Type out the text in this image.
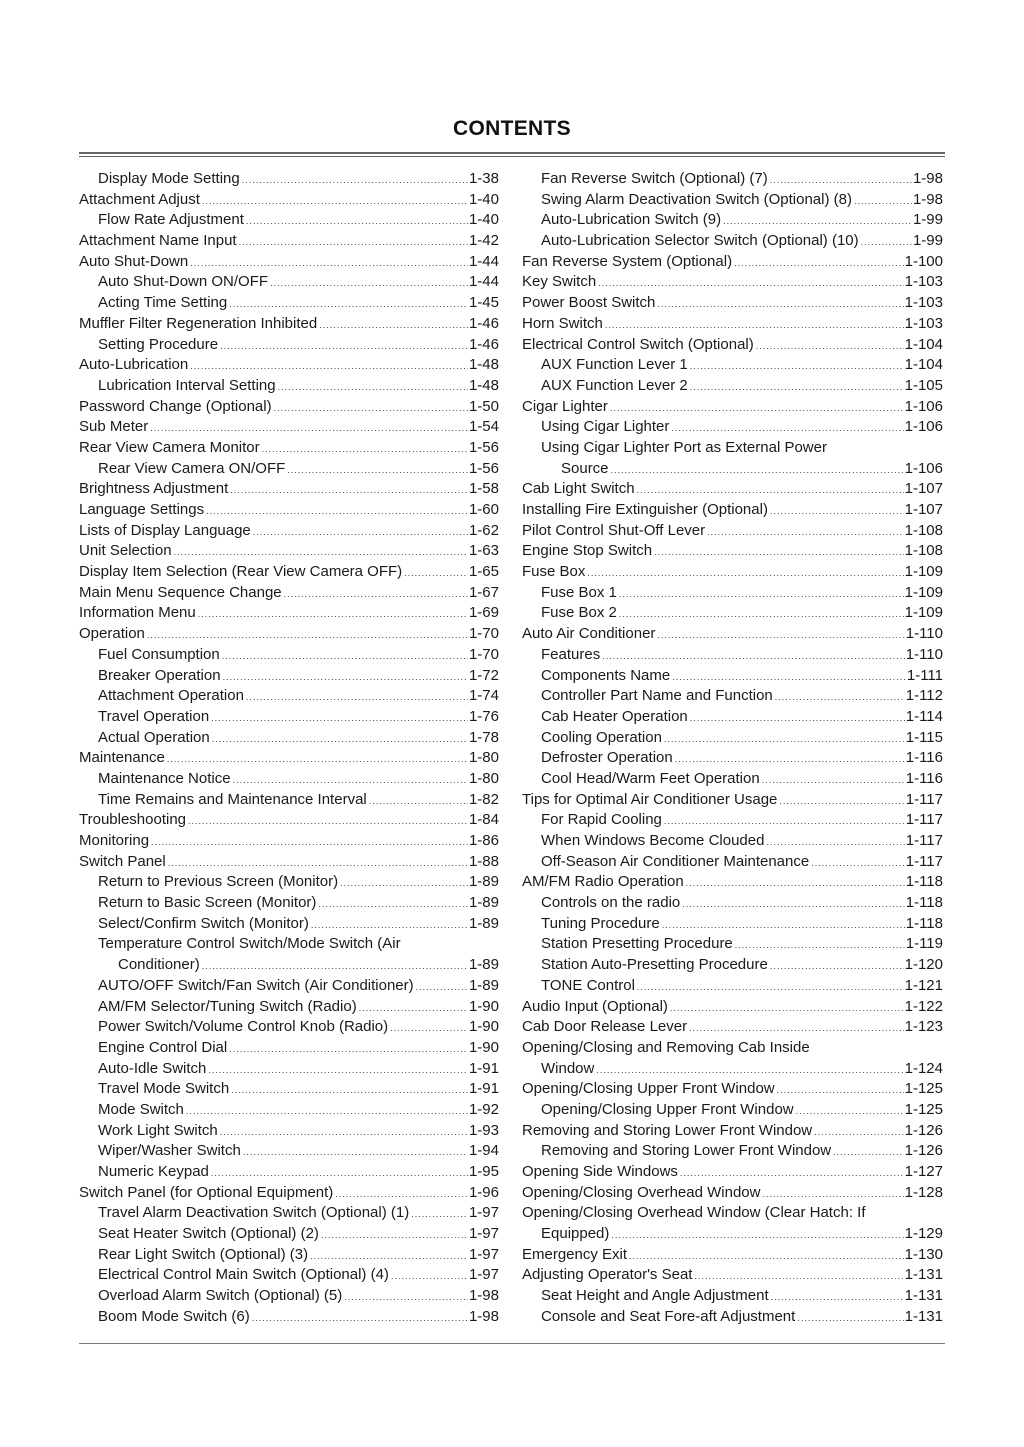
CONTENTS
Display Mode Setting .....	1-38
Attachment Adjust .....	1-40
Flow Rate Adjustment .....	1-40
Attachment Name Input .....	1-42
Auto Shut-Down .....	1-44
Auto Shut-Down ON/OFF .....	1-44
Acting Time Setting .....	1-45
Muffler Filter Regeneration Inhibited .....	1-46
Setting Procedure .....	1-46
Auto-Lubrication .....	1-48
Lubrication Interval Setting .....	1-48
Password Change (Optional) .....	1-50
Sub Meter .....	1-54
Rear View Camera Monitor .....	1-56
Rear View Camera ON/OFF .....	1-56
Brightness Adjustment .....	1-58
Language Settings .....	1-60
Lists of Display Language .....	1-62
Unit Selection .....	1-63
Display Item Selection (Rear View Camera OFF) .....	1-65
Main Menu Sequence Change .....	1-67
Information Menu .....	1-69
Operation .....	1-70
Fuel Consumption .....	1-70
Breaker Operation .....	1-72
Attachment Operation .....	1-74
Travel Operation .....	1-76
Actual Operation .....	1-78
Maintenance .....	1-80
Maintenance Notice .....	1-80
Time Remains and Maintenance Interval .....	1-82
Troubleshooting .....	1-84
Monitoring .....	1-86
Switch Panel .....	1-88
Return to Previous Screen (Monitor) .....	1-89
Return to Basic Screen (Monitor) .....	1-89
Select/Confirm Switch (Monitor) .....	1-89
Temperature Control Switch/Mode Switch (Air
Conditioner) .....	1-89
AUTO/OFF Switch/Fan Switch (Air Conditioner) .....	1-89
AM/FM Selector/Tuning Switch (Radio) .....	1-90
Power Switch/Volume Control Knob (Radio) .....	1-90
Engine Control Dial .....	1-90
Auto-Idle Switch .....	1-91
Travel Mode Switch .....	1-91
Mode Switch .....	1-92
Work Light Switch .....	1-93
Wiper/Washer Switch .....	1-94
Numeric Keypad .....	1-95
Switch Panel (for Optional Equipment) .....	1-96
Travel Alarm Deactivation Switch (Optional) (1) .....	1-97
Seat Heater Switch (Optional) (2) .....	1-97
Rear Light Switch (Optional) (3) .....	1-97
Electrical Control Main Switch (Optional) (4) .....	1-97
Overload Alarm Switch (Optional) (5) .....	1-98
Boom Mode Switch (6) .....	1-98
Fan Reverse Switch (Optional) (7) .....	1-98
Swing Alarm Deactivation Switch (Optional) (8) .....	1-98
Auto-Lubrication Switch (9) .....	1-99
Auto-Lubrication Selector Switch (Optional) (10) .....	1-99
Fan Reverse System (Optional) .....	1-100
Key Switch .....	1-103
Power Boost Switch .....	1-103
Horn Switch .....	1-103
Electrical Control Switch (Optional) .....	1-104
AUX Function Lever 1 .....	1-104
AUX Function Lever 2 .....	1-105
Cigar Lighter .....	1-106
Using Cigar Lighter .....	1-106
Using Cigar Lighter Port as External Power
Source .....	1-106
Cab Light Switch .....	1-107
Installing Fire Extinguisher (Optional) .....	1-107
Pilot Control Shut-Off Lever .....	1-108
Engine Stop Switch .....	1-108
Fuse Box .....	1-109
Fuse Box 1 .....	1-109
Fuse Box 2 .....	1-109
Auto Air Conditioner .....	1-110
Features .....	1-110
Components Name .....	1-111
Controller Part Name and Function .....	1-112
Cab Heater Operation .....	1-114
Cooling Operation .....	1-115
Defroster Operation .....	1-116
Cool Head/Warm Feet Operation .....	1-116
Tips for Optimal Air Conditioner Usage .....	1-117
For Rapid Cooling .....	1-117
When Windows Become Clouded .....	1-117
Off-Season Air Conditioner Maintenance .....	1-117
AM/FM Radio Operation .....	1-118
Controls on the radio .....	1-118
Tuning Procedure .....	1-118
Station Presetting Procedure .....	1-119
Station Auto-Presetting Procedure .....	1-120
TONE Control .....	1-121
Audio Input (Optional) .....	1-122
Cab Door Release Lever .....	1-123
Opening/Closing and Removing Cab Inside
Window .....	1-124
Opening/Closing Upper Front Window .....	1-125
Opening/Closing Upper Front Window .....	1-125
Removing and Storing Lower Front Window .....	1-126
Removing and Storing Lower Front Window .....	1-126
Opening Side Windows .....	1-127
Opening/Closing Overhead Window .....	1-128
Opening/Closing Overhead Window (Clear Hatch: If
Equipped) .....	1-129
Emergency Exit .....	1-130
Adjusting Operator's Seat .....	1-131
Seat Height and Angle Adjustment .....	1-131
Console and Seat Fore-aft Adjustment .....	1-131
